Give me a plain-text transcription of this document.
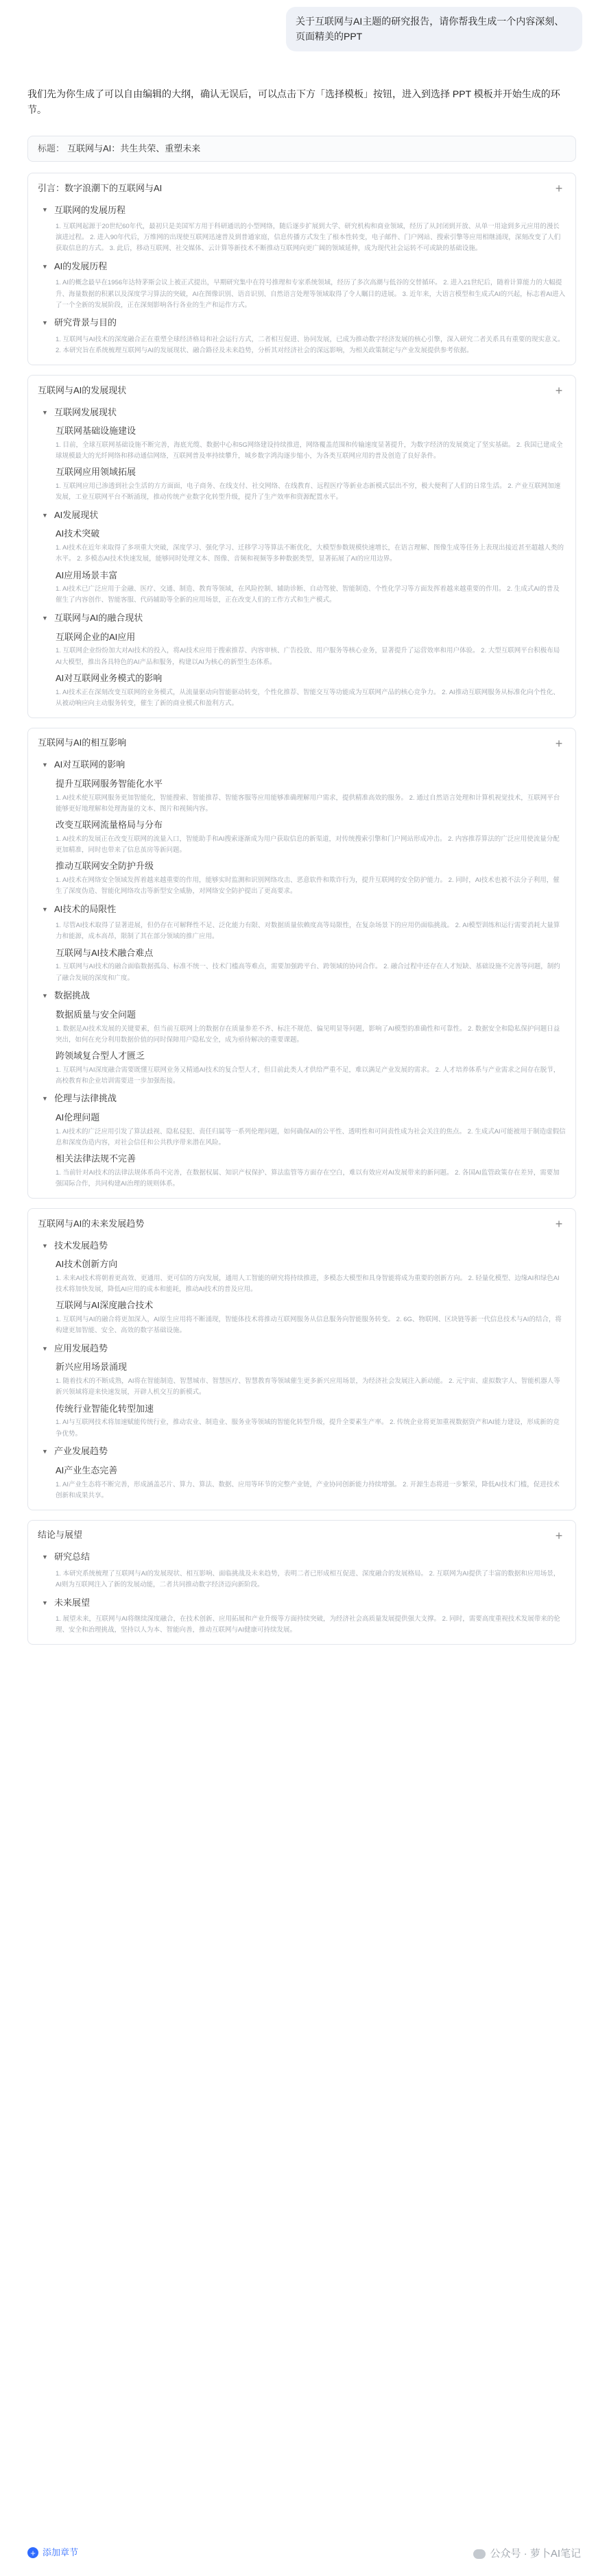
关于互联网与AI主题的研究报告，请你帮我生成一个内容深刻、页面精美的PPT
我们先为你生成了可以自由编辑的大纲，确认无误后，可以点击下方「选择模板」按钮，进入到选择 PPT 模板并开始生成的环节。
标题： 互联网与AI：共生共荣、重塑未来
引言：数字浪潮下的互联网与AI	+
▼ 互联网的发展历程
1. 互联网起源于20世纪60年代，最初只是美国军方用于科研通讯的小型网络，随后逐步扩展到大学、研究机构和商业领域，经历了从封闭到开放、从单一用途到多元应用的漫长演进过程。 2. 进入90年代后，万维网的出现使互联网迅速普及到普通家庭，信息传播方式发生了根本性转变，电子邮件、门户网站、搜索引擎等应用相继涌现，深刻改变了人们获取信息的方式。 3. 此后，移动互联网、社交媒体、云计算等新技术不断推动互联网向更广阔的领域延伸，成为现代社会运转不可或缺的基础设施。
▼ AI的发展历程
1. AI的概念最早在1956年达特茅斯会议上被正式提出，早期研究集中在符号推理和专家系统领域，经历了多次高潮与低谷的交替循环。 2. 进入21世纪后，随着计算能力的大幅提升、海量数据的积累以及深度学习算法的突破，AI在图像识别、语音识别、自然语言处理等领域取得了令人瞩目的进展。 3. 近年来，大语言模型和生成式AI的兴起，标志着AI进入了一个全新的发展阶段，正在深刻影响各行各业的生产和运作方式。
▼ 研究背景与目的
1. 互联网与AI技术的深度融合正在重塑全球经济格局和社会运行方式，二者相互促进、协同发展，已成为推动数字经济发展的核心引擎，深入研究二者关系具有重要的现实意义。 2. 本研究旨在系统梳理互联网与AI的发展现状、融合路径及未来趋势，分析其对经济社会的深远影响，为相关政策制定与产业发展提供参考依据。
互联网与AI的发展现状	+
▼ 互联网发展现状
互联网基础设施建设
1. 目前，全球互联网基础设施不断完善，海底光缆、数据中心和5G网络建设持续推进，网络覆盖范围和传输速度显著提升，为数字经济的发展奠定了坚实基础。 2. 我国已建成全球规模最大的光纤网络和移动通信网络，互联网普及率持续攀升，城乡数字鸿沟逐步缩小，为各类互联网应用的普及创造了良好条件。
互联网应用领域拓展
1. 互联网应用已渗透到社会生活的方方面面，电子商务、在线支付、社交网络、在线教育、远程医疗等新业态新模式层出不穷，极大便利了人们的日常生活。 2. 产业互联网加速发展，工业互联网平台不断涌现，推动传统产业数字化转型升级，提升了生产效率和资源配置水平。
▼ AI发展现状
AI技术突破
1. AI技术在近年来取得了多项重大突破，深度学习、强化学习、迁移学习等算法不断优化，大模型参数规模快速增长，在语言理解、图像生成等任务上表现出接近甚至超越人类的水平。 2. 多模态AI技术快速发展，能够同时处理文本、图像、音频和视频等多种数据类型，显著拓展了AI的应用边界。
AI应用场景丰富
1. AI技术已广泛应用于金融、医疗、交通、制造、教育等领域，在风险控制、辅助诊断、自动驾驶、智能制造、个性化学习等方面发挥着越来越重要的作用。 2. 生成式AI的普及催生了内容创作、智能客服、代码辅助等全新的应用场景，正在改变人们的工作方式和生产模式。
▼ 互联网与AI的融合现状
互联网企业的AI应用
1. 互联网企业纷纷加大对AI技术的投入，将AI技术应用于搜索推荐、内容审核、广告投放、用户服务等核心业务，显著提升了运营效率和用户体验。 2. 大型互联网平台积极布局AI大模型，推出各具特色的AI产品和服务，构建以AI为核心的新型生态体系。
AI对互联网业务模式的影响
1. AI技术正在深刻改变互联网的业务模式，从流量驱动向智能驱动转变，个性化推荐、智能交互等功能成为互联网产品的核心竞争力。 2. AI推动互联网服务从标准化向个性化、从被动响应向主动服务转变，催生了新的商业模式和盈利方式。
互联网与AI的相互影响	+
▼ AI对互联网的影响
提升互联网服务智能化水平
1. AI技术使互联网服务更加智能化，智能搜索、智能推荐、智能客服等应用能够准确理解用户需求，提供精准高效的服务。 2. 通过自然语言处理和计算机视觉技术，互联网平台能够更好地理解和处理海量的文本、图片和视频内容。
改变互联网流量格局与分布
1. AI技术的发展正在改变互联网的流量入口，智能助手和AI搜索逐渐成为用户获取信息的新渠道，对传统搜索引擎和门户网站形成冲击。 2. 内容推荐算法的广泛应用使流量分配更加精准，同时也带来了信息茧房等新问题。
推动互联网安全防护升级
1. AI技术在网络安全领域发挥着越来越重要的作用，能够实时监测和识别网络攻击、恶意软件和欺诈行为，提升互联网的安全防护能力。 2. 同时，AI技术也被不法分子利用，催生了深度伪造、智能化网络攻击等新型安全威胁，对网络安全防护提出了更高要求。
▼ AI技术的局限性
1. 尽管AI技术取得了显著进展，但仍存在可解释性不足、泛化能力有限、对数据质量依赖度高等局限性，在复杂场景下的应用仍面临挑战。 2. AI模型训练和运行需要消耗大量算力和能源，成本高昂，限制了其在部分领域的推广应用。
互联网与AI技术融合难点
1. 互联网与AI技术的融合面临数据孤岛、标准不统一、技术门槛高等难点，需要加强跨平台、跨领域的协同合作。 2. 融合过程中还存在人才短缺、基础设施不完善等问题，制约了融合发展的深度和广度。
▼ 数据挑战
数据质量与安全问题
1. 数据是AI技术发展的关键要素，但当前互联网上的数据存在质量参差不齐、标注不规范、偏见明显等问题，影响了AI模型的准确性和可靠性。 2. 数据安全和隐私保护问题日益突出，如何在充分利用数据价值的同时保障用户隐私安全，成为亟待解决的重要课题。
跨领域复合型人才匮乏
1. 互联网与AI深度融合需要既懂互联网业务又精通AI技术的复合型人才，但目前此类人才供给严重不足，难以满足产业发展的需求。 2. 人才培养体系与产业需求之间存在脱节，高校教育和企业培训需要进一步加强衔接。
▼ 伦理与法律挑战
AI伦理问题
1. AI技术的广泛应用引发了算法歧视、隐私侵犯、责任归属等一系列伦理问题，如何确保AI的公平性、透明性和可问责性成为社会关注的焦点。 2. 生成式AI可能被用于制造虚假信息和深度伪造内容，对社会信任和公共秩序带来潜在风险。
相关法律法规不完善
1. 当前针对AI技术的法律法规体系尚不完善，在数据权属、知识产权保护、算法监管等方面存在空白，难以有效应对AI发展带来的新问题。 2. 各国AI监管政策存在差异，需要加强国际合作，共同构建AI治理的规则体系。
互联网与AI的未来发展趋势	+
▼ 技术发展趋势
AI技术创新方向
1. 未来AI技术将朝着更高效、更通用、更可信的方向发展，通用人工智能的研究将持续推进，多模态大模型和具身智能将成为重要的创新方向。 2. 轻量化模型、边缘AI和绿色AI技术将加快发展，降低AI应用的成本和能耗，推动AI技术的普及应用。
互联网与AI深度融合技术
1. 互联网与AI的融合将更加深入，AI原生应用将不断涌现，智能体技术将推动互联网服务从信息服务向智能服务转变。 2. 6G、物联网、区块链等新一代信息技术与AI的结合，将构建更加智能、安全、高效的数字基础设施。
▼ 应用发展趋势
新兴应用场景涌现
1. 随着技术的不断成熟，AI将在智能制造、智慧城市、智慧医疗、智慧教育等领域催生更多新兴应用场景，为经济社会发展注入新动能。 2. 元宇宙、虚拟数字人、智能机器人等新兴领域将迎来快速发展，开辟人机交互的新模式。
传统行业智能化转型加速
1. AI与互联网技术将加速赋能传统行业，推动农业、制造业、服务业等领域的智能化转型升级，提升全要素生产率。 2. 传统企业将更加重视数据资产和AI能力建设，形成新的竞争优势。
▼ 产业发展趋势
AI产业生态完善
1. AI产业生态将不断完善，形成涵盖芯片、算力、算法、数据、应用等环节的完整产业链，产业协同创新能力持续增强。 2. 开源生态将进一步繁荣，降低AI技术门槛，促进技术创新和成果共享。
结论与展望	+
▼ 研究总结
1. 本研究系统梳理了互联网与AI的发展现状、相互影响、面临挑战及未来趋势，表明二者已形成相互促进、深度融合的发展格局。 2. 互联网为AI提供了丰富的数据和应用场景，AI则为互联网注入了新的发展动能，二者共同推动数字经济迈向新阶段。
▼ 未来展望
1. 展望未来，互联网与AI将继续深度融合，在技术创新、应用拓展和产业升级等方面持续突破，为经济社会高质量发展提供强大支撑。 2. 同时，需要高度重视技术发展带来的伦理、安全和治理挑战，坚持以人为本、智能向善，推动互联网与AI健康可持续发展。
+ 添加章节	公众号 · 萝卜AI笔记
